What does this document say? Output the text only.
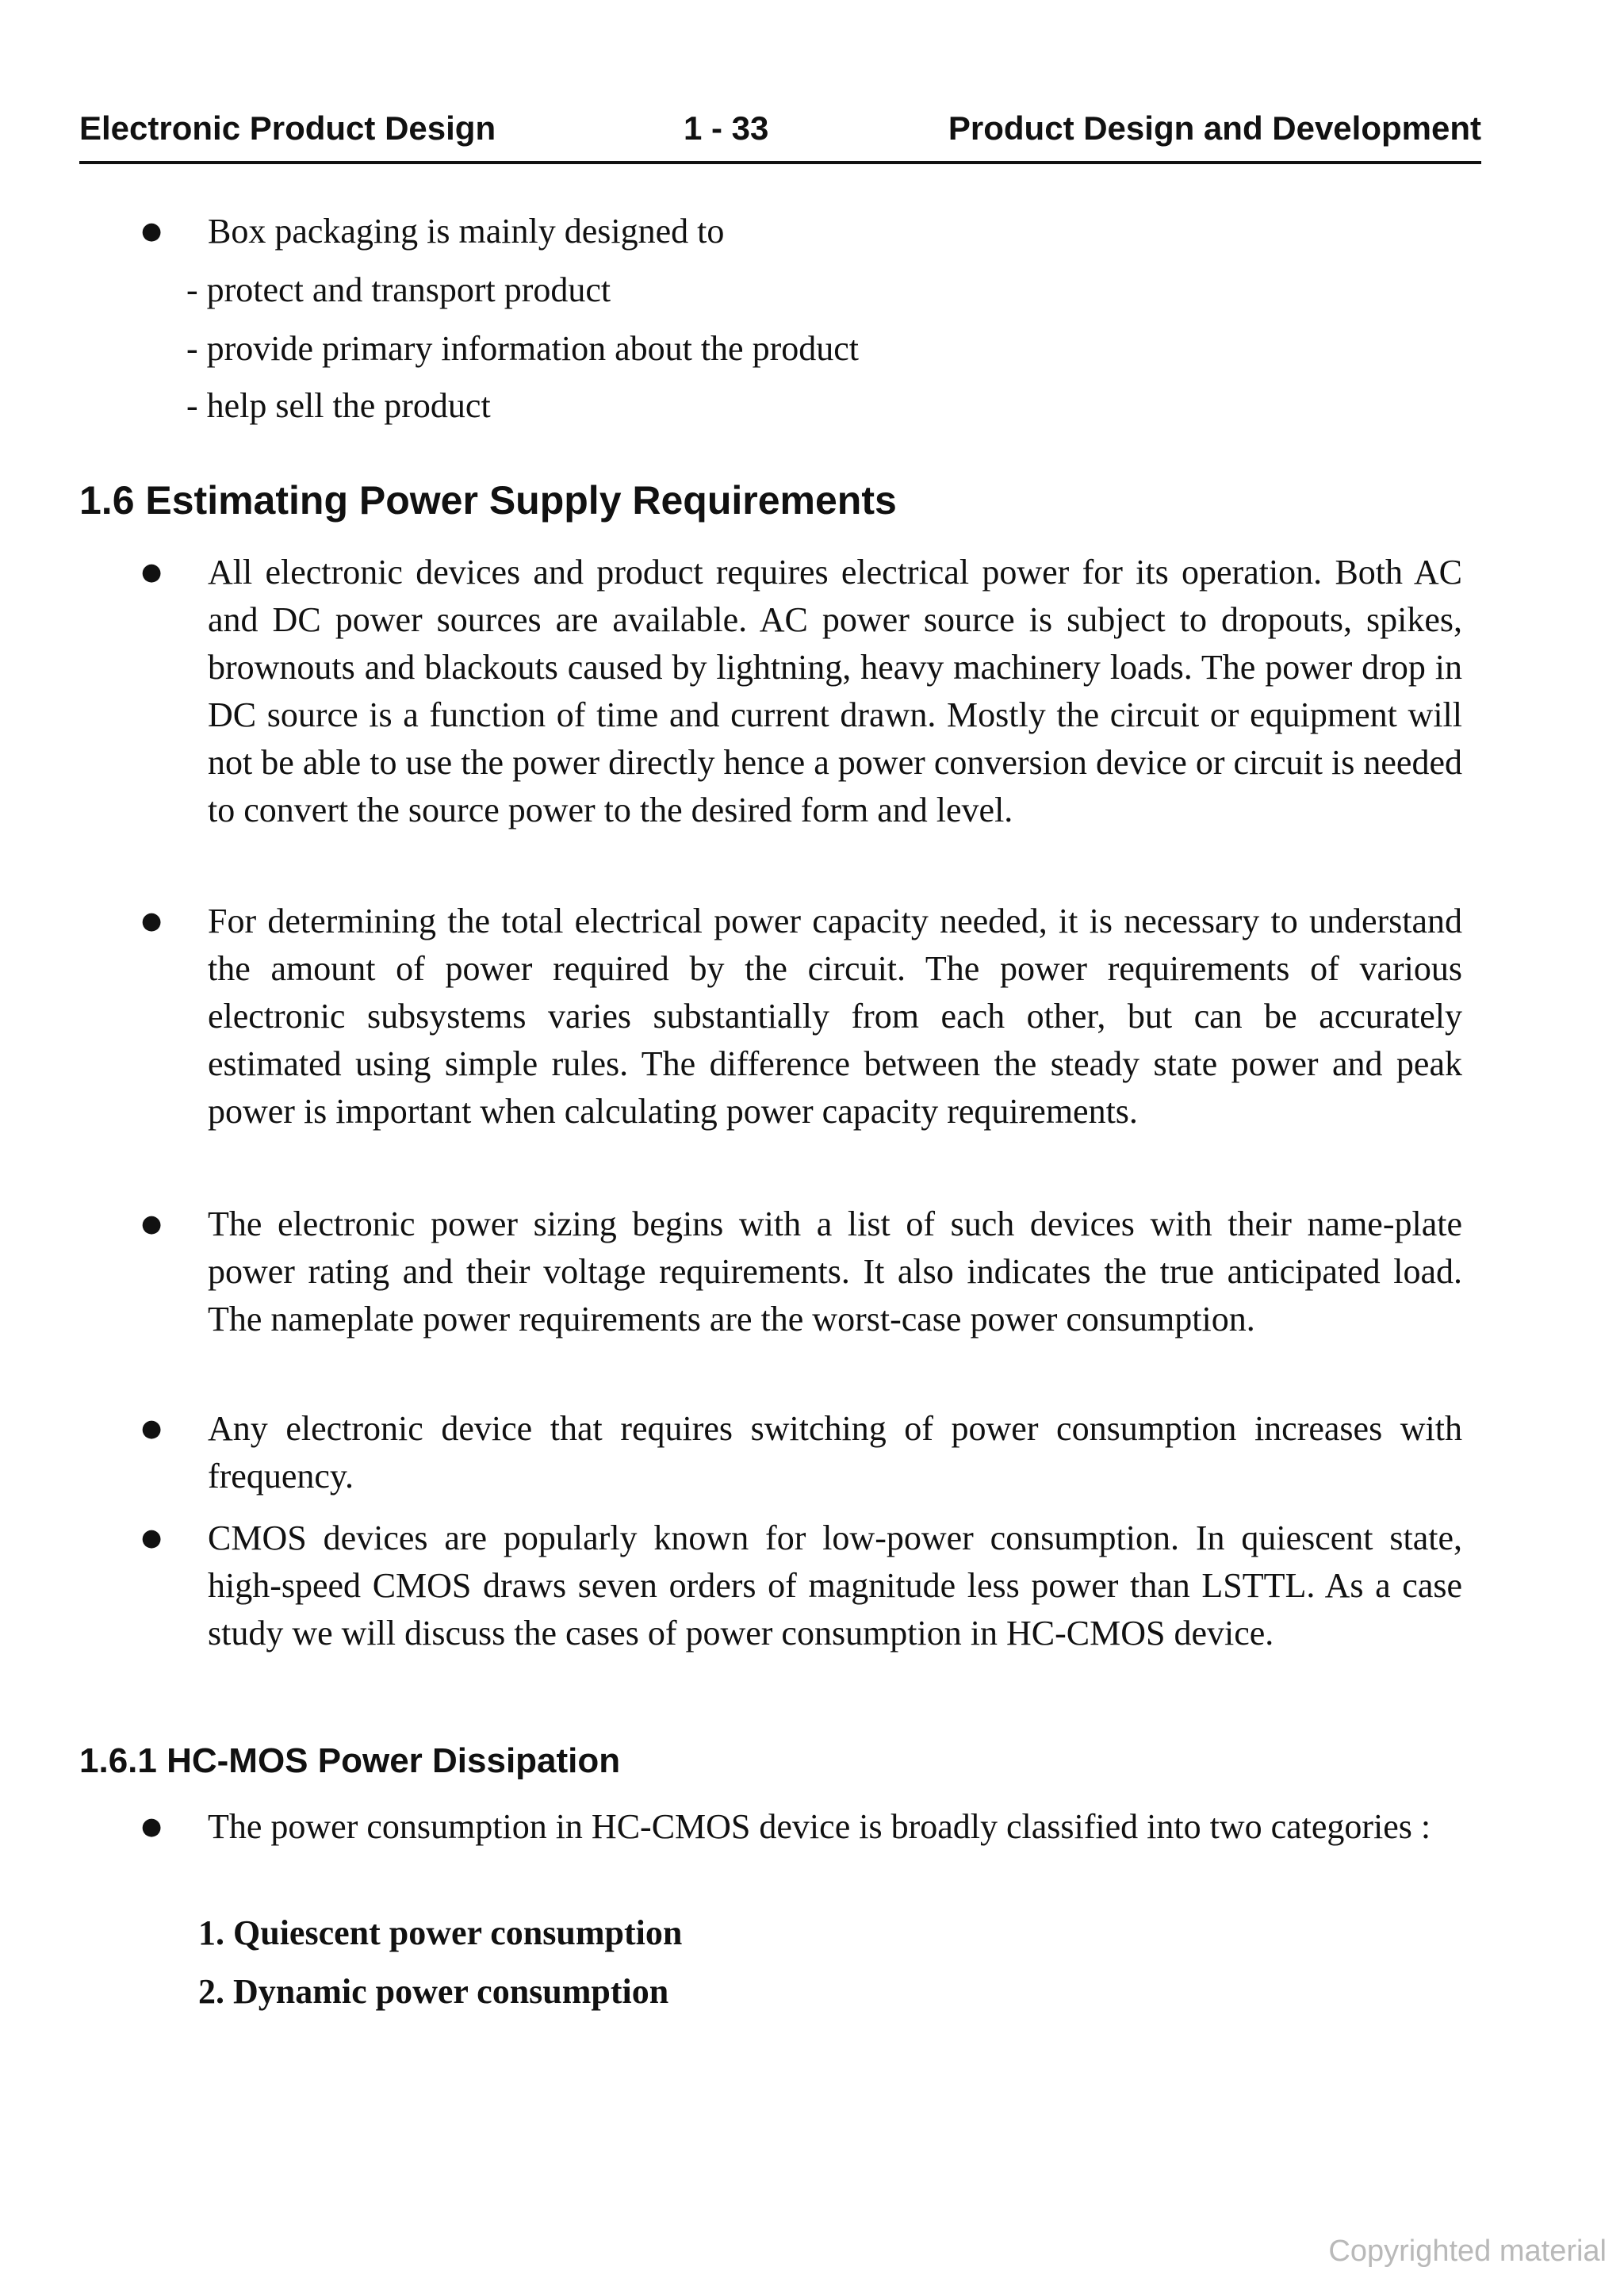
Electronic Product Design	1 - 33	Product Design and Development
● Box packaging is mainly designed to
- protect and transport product
- provide primary information about the product
- help sell the product
1.6 Estimating Power Supply Requirements
● All electronic devices and product requires electrical power for its operation. Both AC and DC power sources are available. AC power source is subject to dropouts, spikes, brownouts and blackouts caused by lightning, heavy machinery loads. The power drop in DC source is a function of time and current drawn. Mostly the circuit or equipment will not be able to use the power directly hence a power conversion device or circuit is needed to convert the source power to the desired form and level.
● For determining the total electrical power capacity needed, it is necessary to understand the amount of power required by the circuit. The power requirements of various electronic subsystems varies substantially from each other, but can be accurately estimated using simple rules. The difference between the steady state power and peak power is important when calculating power capacity requirements.
● The electronic power sizing begins with a list of such devices with their name-plate power rating and their voltage requirements. It also indicates the true anticipated load. The nameplate power requirements are the worst-case power consumption.
● Any electronic device that requires switching of power consumption increases with frequency.
● CMOS devices are popularly known for low-power consumption. In quiescent state, high-speed CMOS draws seven orders of magnitude less power than LSTTL. As a case study we will discuss the cases of power consumption in HC-CMOS device.
1.6.1 HC-MOS Power Dissipation
● The power consumption in HC-CMOS device is broadly classified into two categories :
1. Quiescent power consumption
2. Dynamic power consumption
Copyrighted material
